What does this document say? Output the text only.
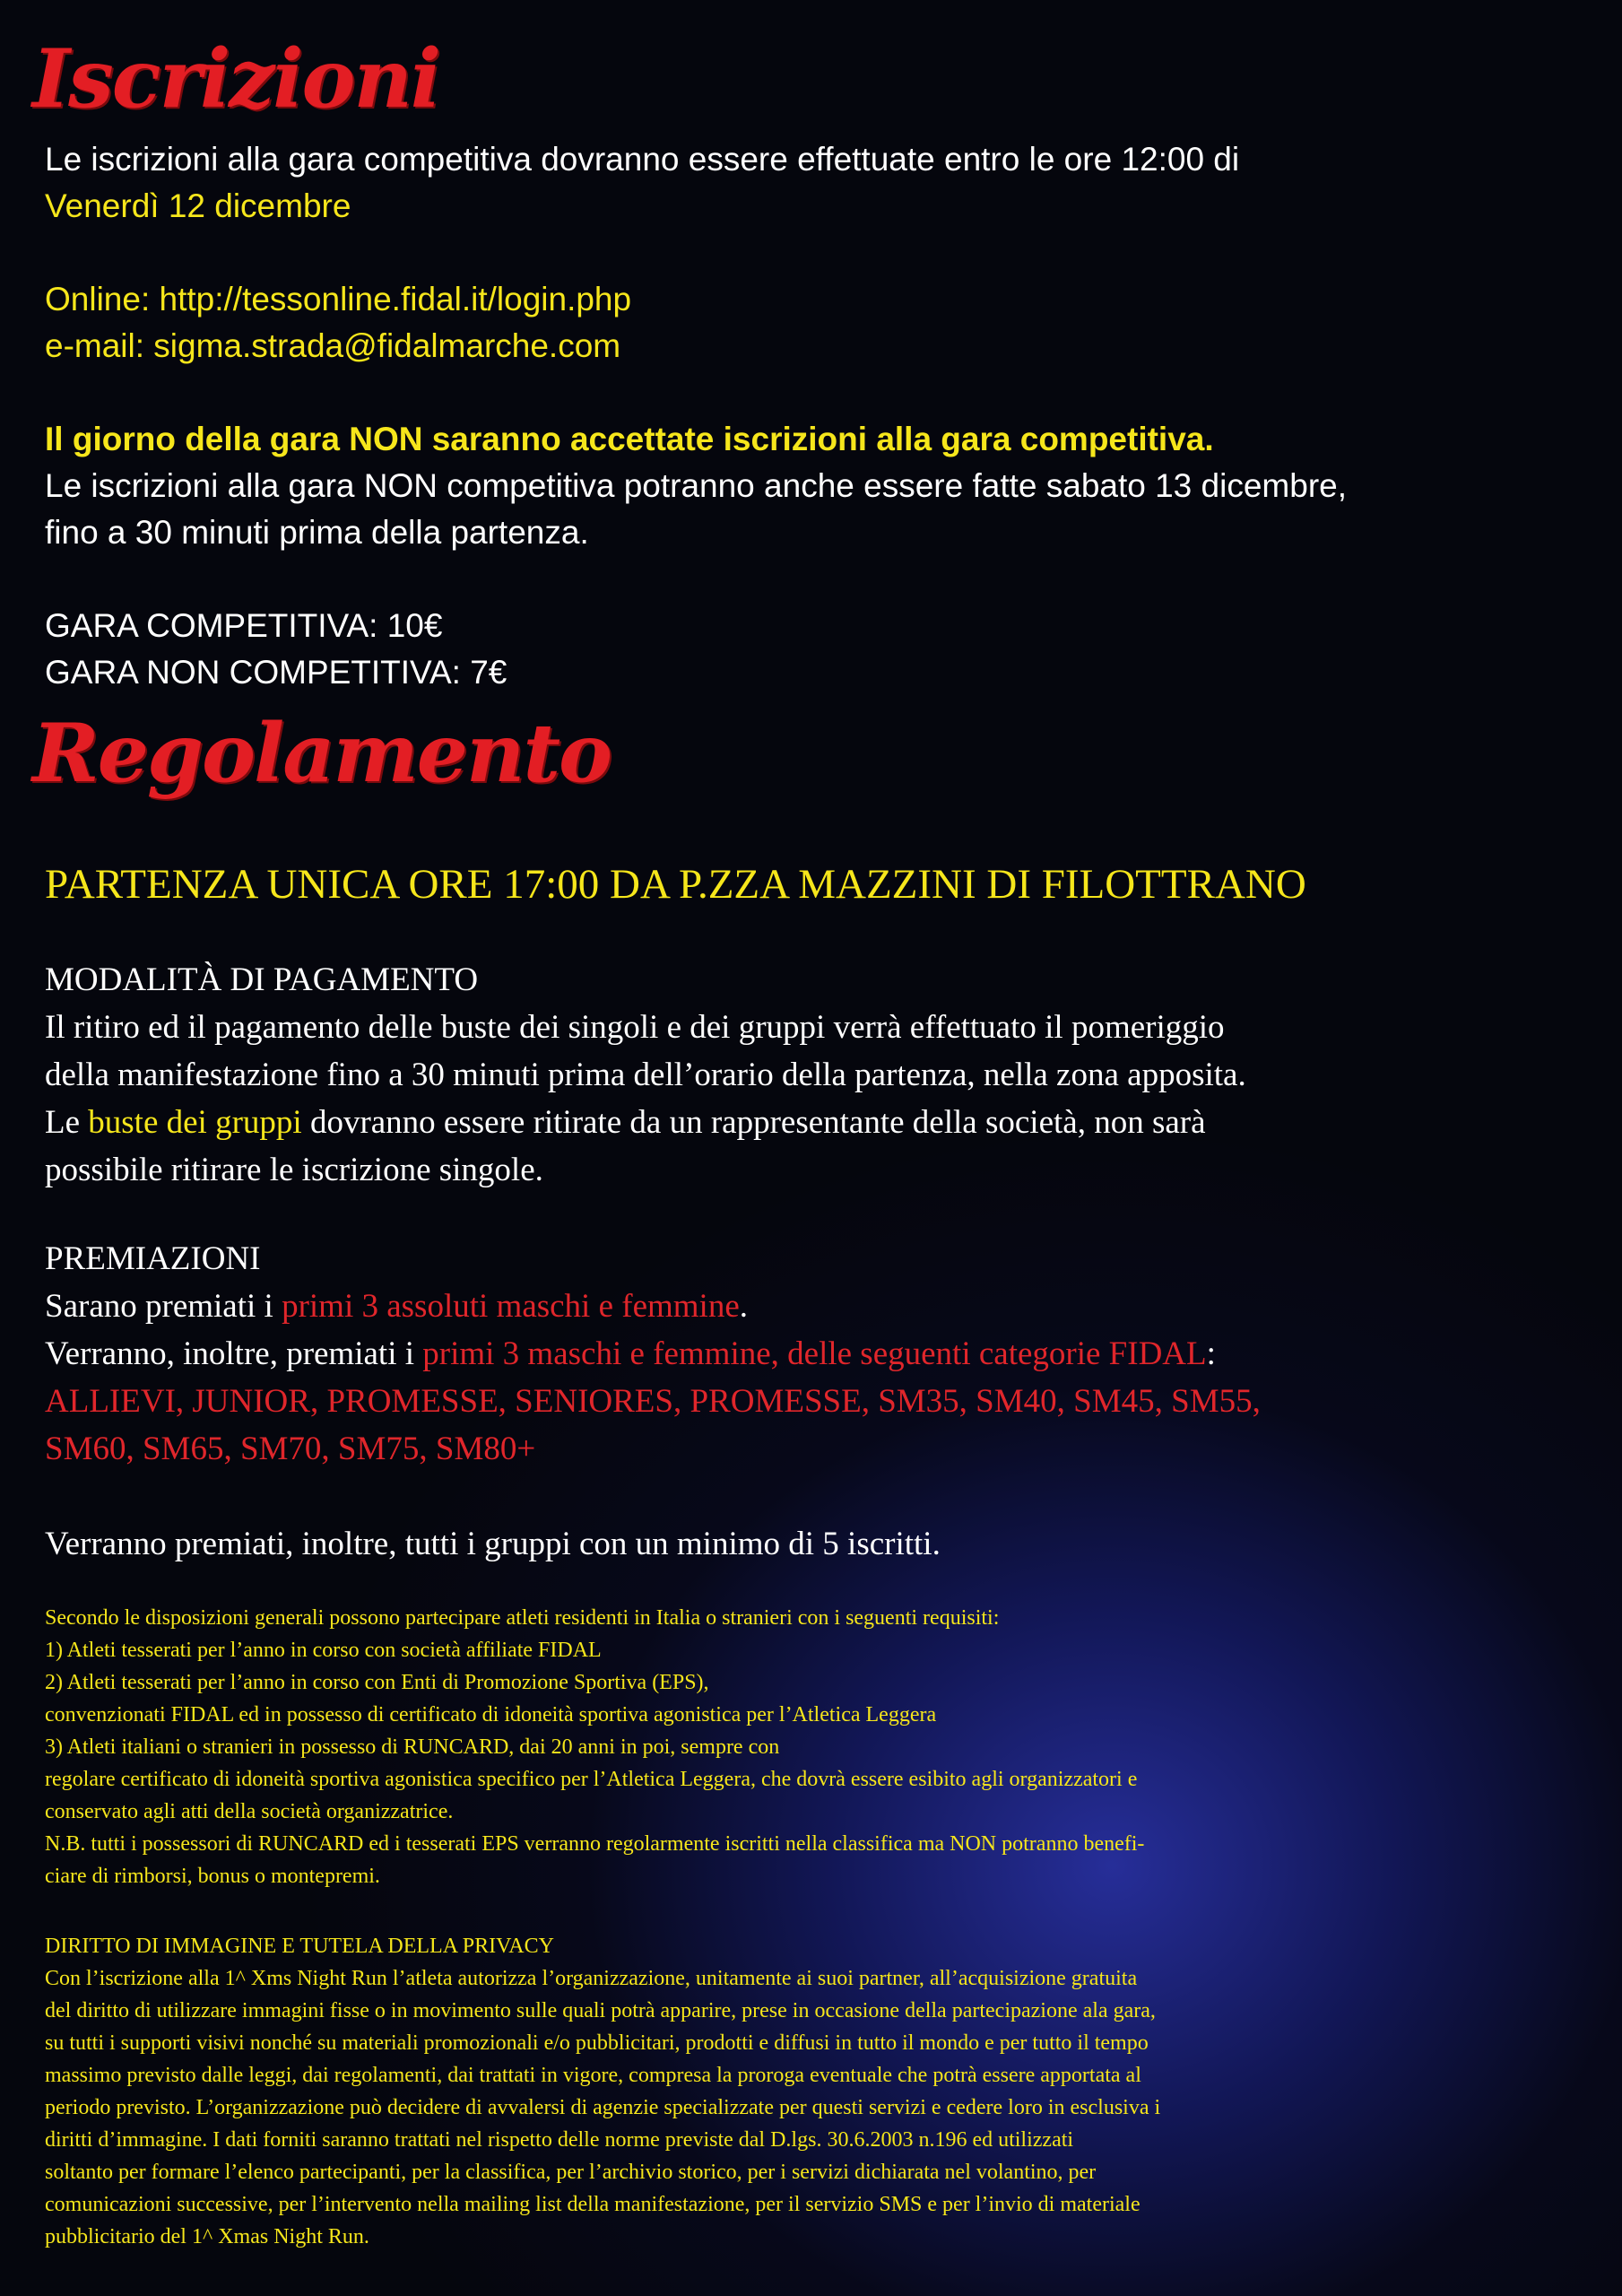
Iscrizioni
Le iscrizioni alla gara competitiva dovranno essere effettuate entro le ore 12:00 di
Venerdì 12 dicembre
Online: http://tessonline.fidal.it/login.php
e-mail: sigma.strada@fidalmarche.com
Il giorno della gara NON saranno accettate iscrizioni alla gara competitiva.
Le iscrizioni alla gara NON competitiva potranno anche essere fatte sabato 13 dicembre,
fino a 30 minuti prima della partenza.
GARA COMPETITIVA: 10€
GARA NON COMPETITIVA: 7€
Regolamento
PARTENZA UNICA ORE 17:00 DA P.ZZA MAZZINI DI FILOTTRANO
MODALITÀ DI PAGAMENTO
Il ritiro ed il pagamento delle buste dei singoli e dei gruppi verrà effettuato il pomeriggio
della manifestazione fino a 30 minuti prima dell’orario della partenza, nella zona apposita.
Le buste dei gruppi dovranno essere ritirate da un rappresentante della società, non sarà
possibile ritirare le iscrizione singole.
PREMIAZIONI
Sarano premiati i primi 3 assoluti maschi e femmine.
Verranno, inoltre, premiati i primi 3 maschi e femmine, delle seguenti categorie FIDAL:
ALLIEVI, JUNIOR, PROMESSE, SENIORES, PROMESSE, SM35, SM40, SM45, SM55,
SM60, SM65, SM70, SM75, SM80+
Verranno premiati, inoltre, tutti i gruppi con un minimo di 5 iscritti.
Secondo le disposizioni generali possono partecipare atleti residenti in Italia o stranieri con i seguenti requisiti:
1) Atleti tesserati per l’anno in corso con società affiliate FIDAL
2) Atleti tesserati per l’anno in corso con Enti di Promozione Sportiva (EPS),
convenzionati FIDAL ed in possesso di certificato di idoneità sportiva agonistica per l’Atletica Leggera
3) Atleti italiani o stranieri in possesso di RUNCARD, dai 20 anni in poi, sempre con
regolare certificato di idoneità sportiva agonistica specifico per l’Atletica Leggera, che dovrà essere esibito agli organizzatori e
conservato agli atti della società organizzatrice.
N.B. tutti i possessori di RUNCARD ed i tesserati EPS verranno regolarmente iscritti nella classifica ma NON potranno benefi-
ciare di rimborsi, bonus o montepremi.
DIRITTO DI IMMAGINE E TUTELA DELLA PRIVACY
Con l’iscrizione alla 1^ Xms Night Run l’atleta autorizza l’organizzazione, unitamente ai suoi partner, all’acquisizione gratuita
del diritto di utilizzare immagini fisse o in movimento sulle quali potrà apparire, prese in occasione della partecipazione ala gara,
su tutti i supporti visivi nonché su materiali promozionali e/o pubblicitari, prodotti e diffusi in tutto il mondo e per tutto il tempo
massimo previsto dalle leggi, dai regolamenti, dai trattati in vigore, compresa la proroga eventuale che potrà essere apportata al
periodo previsto. L’organizzazione può decidere di avvalersi di agenzie specializzate per questi servizi e cedere loro in esclusiva i
diritti d’immagine. I dati forniti saranno trattati nel rispetto delle norme previste dal D.lgs. 30.6.2003 n.196 ed utilizzati
soltanto per formare l’elenco partecipanti, per la classifica, per l’archivio storico, per i servizi dichiarata nel volantino, per
comunicazioni successive, per l’intervento nella mailing list della manifestazione, per il servizio SMS e per l’invio di materiale
pubblicitario del 1^ Xmas Night Run.
